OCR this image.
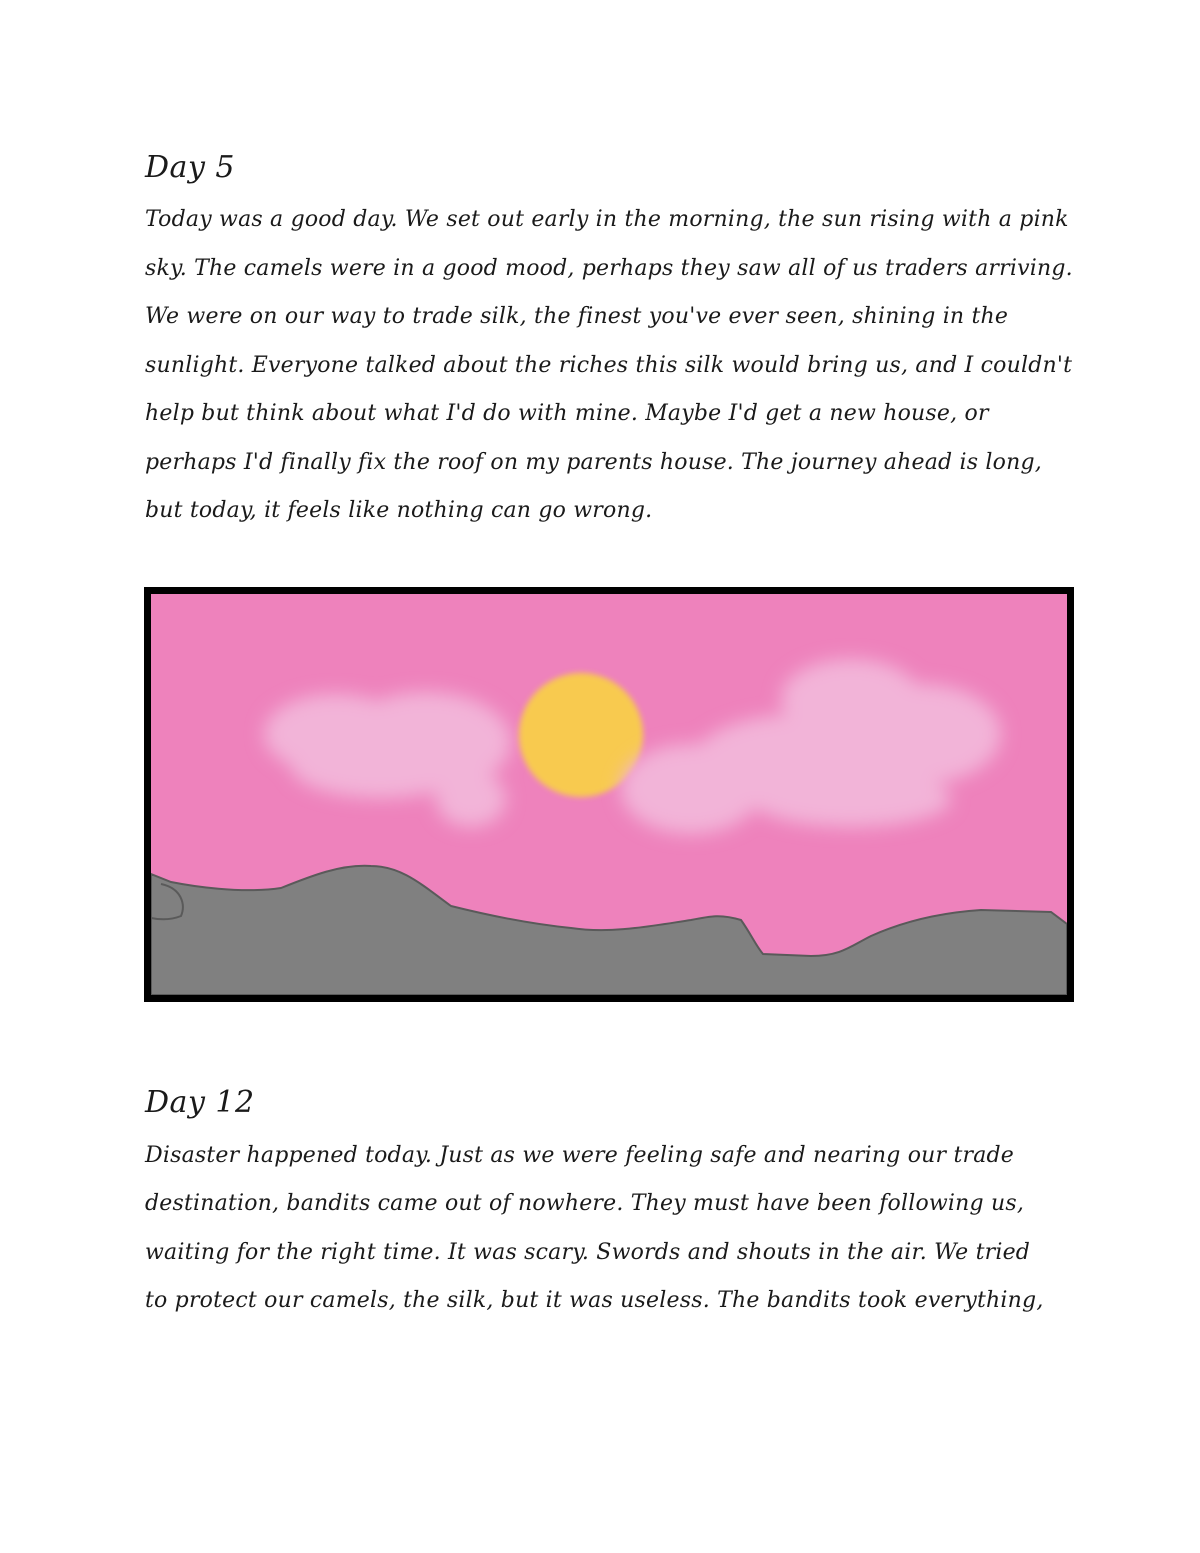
Day 5

Today was a good day. We set out early in the morning, the sun rising with a pink

sky. The camels were in a good mood, perhaps they saw all of us traders arriving.

We were on our way to trade silk, the finest you've ever seen, shining in the

sunlight. Everyone talked about the riches this silk would bring us, and I couldn't

help but think about what I'd do with mine. Maybe I'd get a new house, or

perhaps I'd finally fix the roof on my parents house. The journey ahead is long,

but today, it feels like nothing can go wrong.

Day 12

Disaster happened today. Just as we were feeling safe and nearing our trade

destination, bandits came out of nowhere. They must have been following us,

waiting for the right time. It was scary. Swords and shouts in the air. We tried

to protect our camels, the silk, but it was useless. The bandits took everything,
